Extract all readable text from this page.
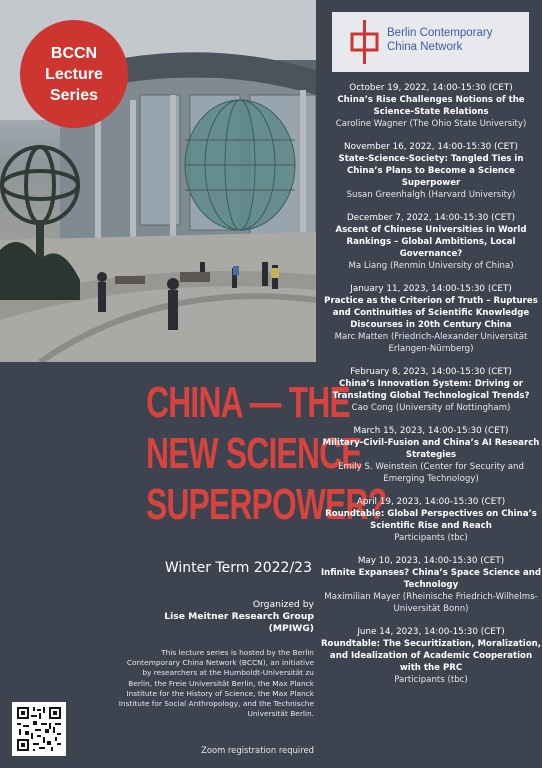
BCCN
Lecture
Series
CHINA — THE
NEW SCIENCE
SUPERPOWER?
Winter Term 2022/23
Organized by
Lise Meitner Research Group
(MPIWG)
This lecture series is hosted by the Berlin Contemporary China Network (BCCN), an initiative by researchers at the Humboldt-Universität zu Berlin, the Freie Universität Berlin, the Max Planck Institute for the History of Science, the Max Planck Institute for Social Anthropology, and the Technische Universität Berlin.
Zoom registration required
Berlin Contemporary
China Network
October 19, 2022, 14:00-15:30 (CET)
China’s Rise Challenges Notions of the Science-State Relations
Caroline Wagner (The Ohio State University)
November 16, 2022, 14:00-15:30 (CET)
State-Science-Society: Tangled Ties in China’s Plans to Become a Science Superpower
Susan Greenhalgh (Harvard University)
December 7, 2022, 14:00-15:30 (CET)
Ascent of Chinese Universities in World Rankings – Global Ambitions, Local Governance?
Ma Liang (Renmin University of China)
January 11, 2023, 14:00-15:30 (CET)
Practice as the Criterion of Truth – Ruptures and Continuities of Scientific Knowledge Discourses in 20th Century China
Marc Matten (Friedrich-Alexander Universität Erlangen-Nürnberg)
February 8, 2023, 14:00-15:30 (CET)
China’s Innovation System: Driving or Translating Global Technological Trends?
Cao Cong (University of Nottingham)
March 15, 2023, 14:00-15:30 (CET)
Military-Civil-Fusion and China’s AI Research Strategies
Emily S. Weinstein (Center for Security and Emerging Technology)
April 19, 2023, 14:00-15:30 (CET)
Roundtable: Global Perspectives on China’s Scientific Rise and Reach
Participants (tbc)
May 10, 2023, 14:00-15:30 (CET)
Infinite Expanses? China’s Space Science and Technology
Maximilian Mayer (Rheinische Friedrich-Wilhelms-Universität Bonn)
June 14, 2023, 14:00-15:30 (CET)
Roundtable: The Securitization, Moralization, and Idealization of Academic Cooperation with the PRC
Participants (tbc)
